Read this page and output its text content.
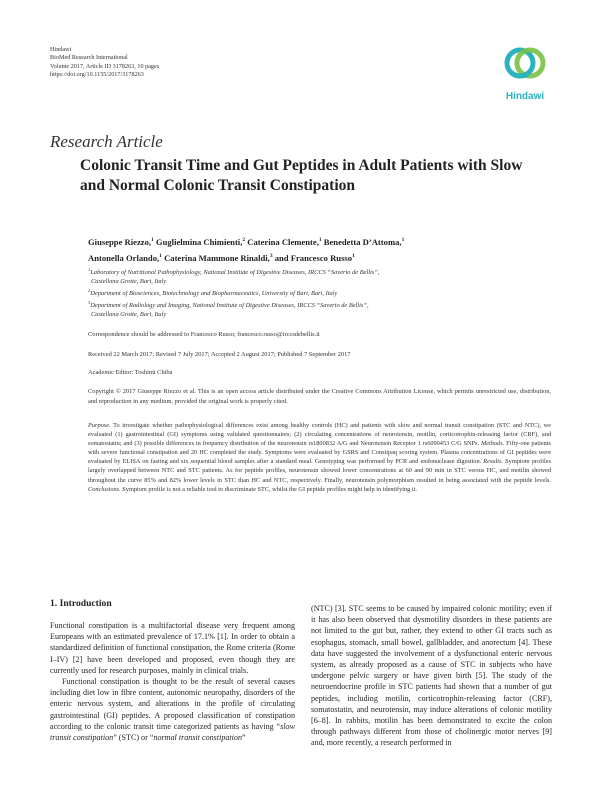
Hindawi
BioMed Research International
Volume 2017, Article ID 3178263, 10 pages
https://doi.org/10.1155/2017/3178263
Hindawi
Research Article
Colonic Transit Time and Gut Peptides in Adult Patients with Slow and Normal Colonic Transit Constipation
Giuseppe Riezzo,$^1$ Guglielmina Chimienti,$^2$ Caterina Clemente,$^1$ Benedetta D’Attoma,$^1$
Antonella Orlando,$^1$ Caterina Mammone Rinaldi,$^3$ and Francesco Russo$^1$
$^1$Laboratory of Nutritional Pathophysiology, National Institute of Digestive Diseases, IRCCS “Saverio de Bellis”,
Castellana Grotte, Bari, Italy
$^2$Department of Biosciences, Biotechnology and Biopharmaceutics, University of Bari, Bari, Italy
$^3$Department of Radiology and Imaging, National Institute of Digestive Diseases, IRCCS “Saverio de Bellis”,
Castellana Grotte, Bari, Italy
Correspondence should be addressed to Francesco Russo; francesco.russo@irccsdebellis.it
Received 22 March 2017; Revised 7 July 2017; Accepted 2 August 2017; Published 7 September 2017
Academic Editor: Toshimi Chiba
Copyright © 2017 Giuseppe Riezzo et al. This is an open access article distributed under the Creative Commons Attribution License, which permits unrestricted use, distribution, and reproduction in any medium, provided the original work is properly cited.
Purpose. To investigate whether pathophysiological differences exist among healthy controls (HC) and patients with slow and normal transit constipation (STC and NTC), we evaluated (1) gastrointestinal (GI) symptoms using validated questionnaires; (2) circulating concentrations of neurotensin, motilin, corticotrophin-releasing factor (CRF), and somatostatin; and (3) possible differences in frequency distribution of the neurotensin rs1800832 A/G and Neurotensin Receptor 1 rs6090453 C/G SNPs. Methods. Fifty-one patients with severe functional constipation and 20 HC completed the study. Symptoms were evaluated by GSRS and Constipaq scoring system. Plasma concentrations of GI peptides were evaluated by ELISA on fasting and six sequential blood samples after a standard meal. Genotyping was performed by PCR and endonuclease digestion. Results. Symptom profiles largely overlapped between NTC and STC patients. As for peptide profiles, neurotensin showed lower concentrations at 60 and 90 min in STC versus HC, and motilin showed throughout the curve 85% and 82% lower levels in STC than HC and NTC, respectively. Finally, neurotensin polymorphism resulted in being associated with the peptide levels. Conclusions. Symptom profile is not a reliable tool to discriminate STC, whilst the GI peptide profiles might help in identifying it.
1. Introduction

Functional constipation is a multifactorial disease very frequent among Europeans with an estimated prevalence of 17.1% [1]. In order to obtain a standardized definition of functional constipation, the Rome criteria (Rome I–IV) [2] have been developed and proposed, even though they are currently used for research purposes, mainly in clinical trials.

Functional constipation is thought to be the result of several causes including diet low in fibre content, autonomic neuropathy, disorders of the enteric nervous system, and alterations in the profile of circulating gastrointestinal (GI) peptides. A proposed classification of constipation according to the colonic transit time categorized patients as having “slow transit constipation” (STC) or “normal transit constipation”

(NTC) [3]. STC seems to be caused by impaired colonic motility; even if it has also been observed that dysmotility disorders in these patients are not limited to the gut but, rather, they extend to other GI tracts such as esophagus, stomach, small bowel, gallbladder, and anorectum [4]. These data have suggested the involvement of a dysfunctional enteric nervous system, as already proposed as a cause of STC in subjects who have undergone pelvic surgery or have given birth [5]. The study of the neuroendocrine profile in STC patients had shown that a number of gut peptides, including motilin, corticotrophin-releasing factor (CRF), somatostatin, and neurotensin, may induce alterations of colonic motility [6–8]. In rabbits, motilin has been demonstrated to excite the colon through pathways different from those of cholinergic motor nerves [9] and, more recently, a research performed in
